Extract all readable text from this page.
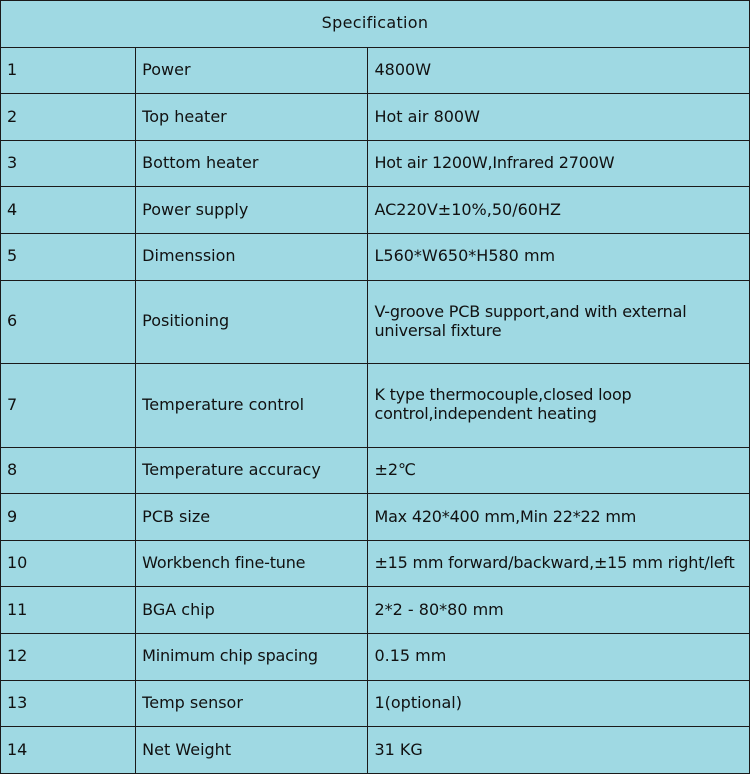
Specification		
1	Power	4800W
2	Top heater	Hot air 800W
3	Bottom heater	Hot air 1200W,Infrared 2700W
4	Power supply	AC220V±10%,50/60HZ
5	Dimenssion	L560*W650*H580 mm
6	Positioning	V-groove PCB support,and with external universal fixture
7	Temperature control	K type thermocouple,closed loop control,independent heating
8	Temperature accuracy	±2℃
9	PCB size	Max 420*400 mm,Min 22*22 mm
10	Workbench fine-tune	±15 mm forward/backward,±15 mm right/left
11	BGA chip	2*2 - 80*80 mm
12	Minimum chip spacing	0.15 mm
13	Temp sensor	1(optional)
14	Net Weight	31 KG
